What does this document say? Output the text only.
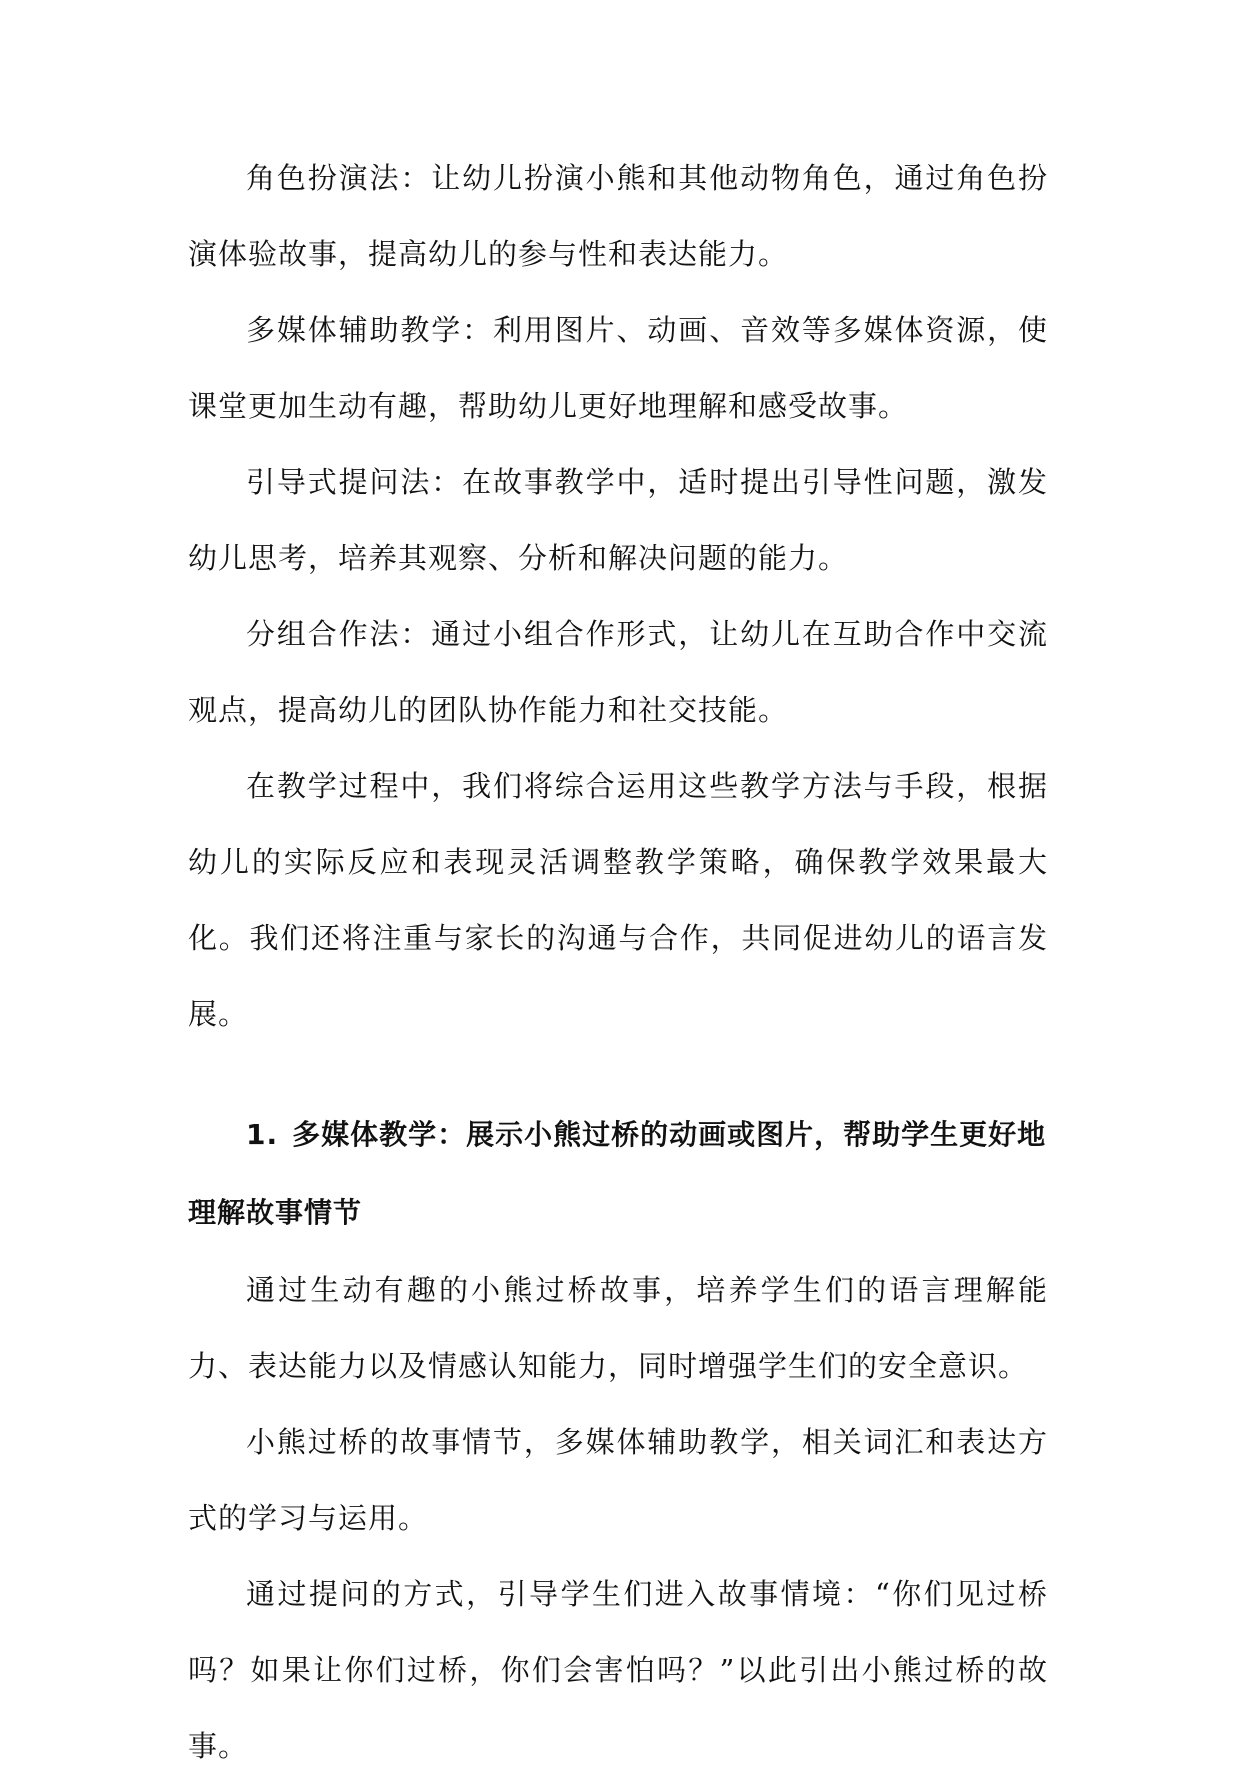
角色扮演法：让幼儿扮演小熊和其他动物角色，通过角色扮演体验故事，提高幼儿的参与性和表达能力。

多媒体辅助教学：利用图片、动画、音效等多媒体资源，使课堂更加生动有趣，帮助幼儿更好地理解和感受故事。

引导式提问法：在故事教学中，适时提出引导性问题，激发幼儿思考，培养其观察、分析和解决问题的能力。

分组合作法：通过小组合作形式，让幼儿在互助合作中交流观点，提高幼儿的团队协作能力和社交技能。

在教学过程中，我们将综合运用这些教学方法与手段，根据幼儿的实际反应和表现灵活调整教学策略，确保教学效果最大化。我们还将注重与家长的沟通与合作，共同促进幼儿的语言发展。

1. 多媒体教学：展示小熊过桥的动画或图片，帮助学生更好地理解故事情节

通过生动有趣的小熊过桥故事，培养学生们的语言理解能力、表达能力以及情感认知能力，同时增强学生们的安全意识。

小熊过桥的故事情节，多媒体辅助教学，相关词汇和表达方式的学习与运用。

通过提问的方式，引导学生们进入故事情境：“你们见过桥吗？如果让你们过桥，你们会害怕吗？”以此引出小熊过桥的故事。
